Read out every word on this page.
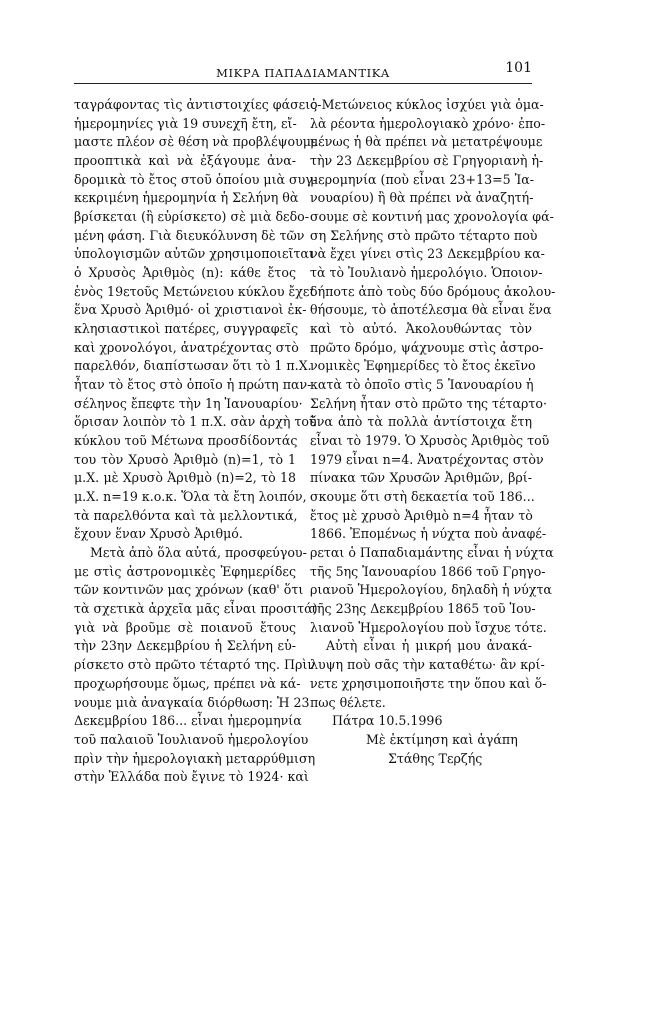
ΜΙΚΡΑ ΠΑΠΑΔΙΑΜΑΝΤΙΚΑ	101
ταγράφοντας τὶς ἀντιστοιχίες φάσεις-
ἡμερομηνίες γιὰ 19 συνεχῆ ἔτη, εἴ-
μαστε πλέον σὲ θέση νὰ προβλέψουμε
προοπτικὰ καὶ νὰ ἐξάγουμε ἀνα-
δρομικὰ τὸ ἔτος στοῦ ὁποίου μιὰ συγ-
κεκριμένη ἡμερομηνία ἡ Σελήνη θὰ
βρίσκεται (ἢ εὑρίσκετο) σὲ μιὰ δεδο-
μένη φάση. Γιὰ διευκόλυνση δὲ τῶν
ὑπολογισμῶν αὐτῶν χρησιμοποιεῖται
ὁ Χρυσὸς Ἀριθμὸς (n): κάθε ἔτος
ἑνὸς 19ετοῦς Μετώνειου κύκλου ἔχει
ἕνα Χρυσὸ Ἀριθμό· οἱ χριστιανοὶ ἐκ-
κλησιαστικοὶ πατέρες, συγγραφεῖς
καὶ χρονολόγοι, ἀνατρέχοντας στὸ
παρελθόν, διαπίστωσαν ὅτι τὸ 1 π.Χ.
ἦταν τὸ ἔτος στὸ ὁποῖο ἡ πρώτη παν-
σέληνος ἔπεφτε τὴν 1η Ἰανουαρίου·
ὅρισαν λοιπὸν τὸ 1 π.Χ. σὰν ἀρχὴ τοῦ
κύκλου τοῦ Μέτωνα προσδίδοντάς
του τὸν Χρυσὸ Ἀριθμὸ (n)=1, τὸ 1
μ.Χ. μὲ Χρυσὸ Ἀριθμὸ (n)=2, τὸ 18
μ.Χ. n=19 κ.ο.κ. Ὅλα τὰ ἔτη λοιπόν,
τὰ παρελθόντα καὶ τὰ μελλοντικά,
ἔχουν ἕναν Χρυσὸ Ἀριθμό.
Μετὰ ἀπὸ ὅλα αὐτά, προσφεύγου-
με στὶς ἀστρονομικὲς Ἐφημερίδες
τῶν κοντινῶν μας χρόνων (καθ' ὅτι
τὰ σχετικὰ ἀρχεῖα μᾶς εἶναι προσιτά)
γιὰ νὰ βροῦμε σὲ ποιανοῦ ἔτους
τὴν 23ην Δεκεμβρίου ἡ Σελήνη εὑ-
ρίσκετο στὸ πρῶτο τέταρτό της. Πρὶν
προχωρήσουμε ὅμως, πρέπει νὰ κά-
νουμε μιὰ ἀναγκαία διόρθωση: Ἡ 23
Δεκεμβρίου 186... εἶναι ἡμερομηνία
τοῦ παλαιοῦ Ἰουλιανοῦ ἡμερολογίου
πρὶν τὴν ἡμερολογιακὴ μεταρρύθμιση
στὴν Ἑλλάδα ποὺ ἔγινε τὸ 1924· καὶ
ὁ Μετώνειος κύκλος ἰσχύει γιὰ ὁμα-
λὰ ρέοντα ἡμερολογιακὸ χρόνο· ἐπο-
μένως ἡ θὰ πρέπει νὰ μετατρέψουμε
τὴν 23 Δεκεμβρίου σὲ Γρηγοριανὴ ἡ-
μερομηνία (ποὺ εἶναι 23+13=5 Ἰα-
νουαρίου) ἢ θὰ πρέπει νὰ ἀναζητή-
σουμε σὲ κοντινή μας χρονολογία φά-
ση Σελήνης στὸ πρῶτο τέταρτο ποὺ
νὰ ἔχει γίνει στὶς 23 Δεκεμβρίου κα-
τὰ τὸ Ἰουλιανὸ ἡμερολόγιο. Ὁποιον-
δήποτε ἀπὸ τοὺς δύο δρόμους ἀκολου-
θήσουμε, τὸ ἀποτέλεσμα θὰ εἶναι ἕνα
καὶ τὸ αὐτό. Ἀκολουθώντας τὸν
πρῶτο δρόμο, ψάχνουμε στὶς ἀστρο-
νομικὲς Ἐφημερίδες τὸ ἔτος ἐκεῖνο
κατὰ τὸ ὁποῖο στὶς 5 Ἰανουαρίου ἡ
Σελήνη ἦταν στὸ πρῶτο της τέταρτο·
ἕνα ἀπὸ τὰ πολλὰ ἀντίστοιχα ἔτη
εἶναι τὸ 1979. Ὁ Χρυσὸς Ἀριθμὸς τοῦ
1979 εἶναι n=4. Ἀνατρέχοντας στὸν
πίνακα τῶν Χρυσῶν Ἀριθμῶν, βρί-
σκουμε ὅτι στὴ δεκαετία τοῦ 186...
ἔτος μὲ χρυσὸ Ἀριθμὸ n=4 ἦταν τὸ
1866. Ἐπομένως ἡ νύχτα ποὺ ἀναφέ-
ρεται ὁ Παπαδιαμάντης εἶναι ἡ νύχτα
τῆς 5ης Ἰανουαρίου 1866 τοῦ Γρηγο-
ριανοῦ Ἡμερολογίου, δηλαδὴ ἡ νύχτα
τῆς 23ης Δεκεμβρίου 1865 τοῦ Ἰου-
λιανοῦ Ἡμερολογίου ποὺ ἴσχυε τότε.
Αὐτὴ εἶναι ἡ μικρή μου ἀνακά-
λυψη ποὺ σᾶς τὴν καταθέτω· ἂν κρί-
νετε χρησιμοποιῆστε την ὅπου καὶ ὅ-
πως θέλετε.
Πάτρα 10.5.1996
Μὲ ἐκτίμηση καὶ ἀγάπη
Στάθης Τερζής
